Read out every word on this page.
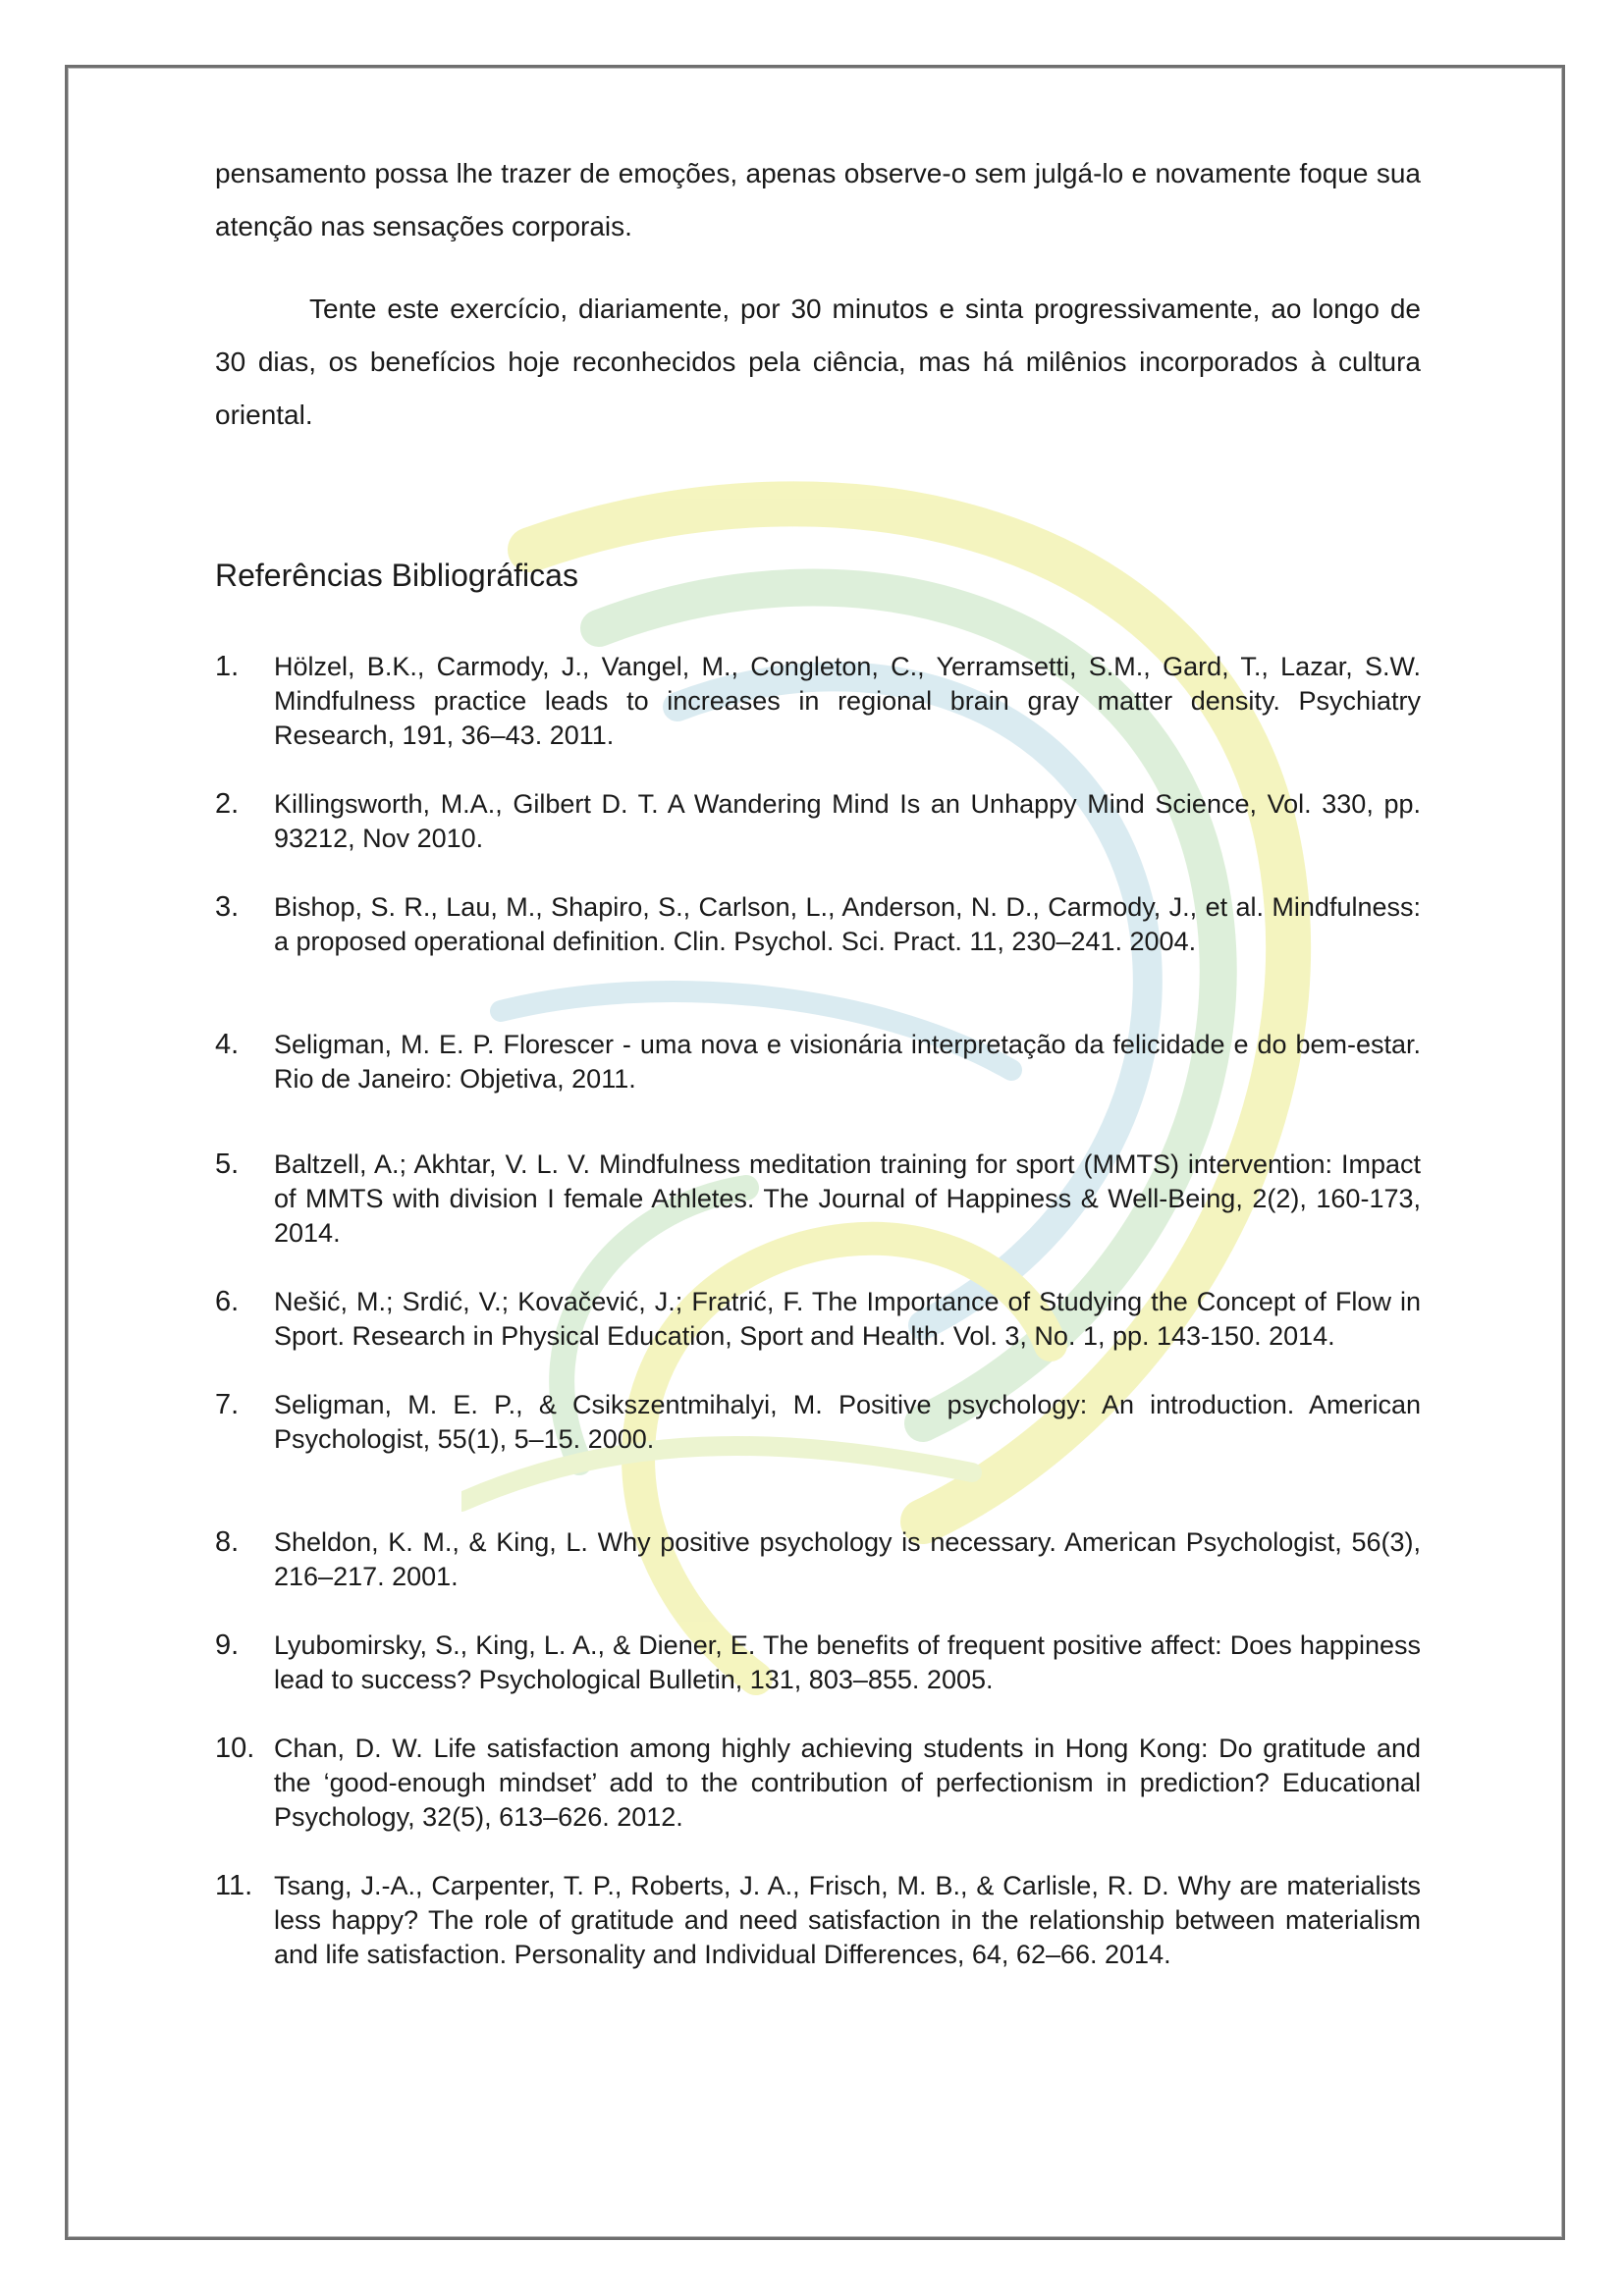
pensamento possa lhe trazer de emoções, apenas observe-o sem julgá-lo e novamente foque sua atenção nas sensações corporais.

Tente este exercício, diariamente, por 30 minutos e sinta progressivamente, ao longo de 30 dias, os benefícios hoje reconhecidos pela ciência, mas há milênios incorporados à cultura oriental.

Referências Bibliográficas
1.	Hölzel, B.K., Carmody, J., Vangel, M., Congleton, C., Yerramsetti, S.M., Gard, T., Lazar, S.W. Mindfulness practice leads to increases in regional brain gray matter density. Psychiatry Research, 191, 36–43. 2011.
2.	Killingsworth, M.A., Gilbert D. T. A Wandering Mind Is an Unhappy Mind Science, Vol. 330, pp. 93212, Nov 2010.
3.	Bishop, S. R., Lau, M., Shapiro, S., Carlson, L., Anderson, N. D., Carmody, J., et al. Mindfulness: a proposed operational definition. Clin. Psychol. Sci. Pract. 11, 230–241. 2004.
4.	Seligman, M. E. P. Florescer - uma nova e visionária interpretação da felicidade e do bem-estar. Rio de Janeiro: Objetiva, 2011.
5.	Baltzell, A.; Akhtar, V. L. V. Mindfulness meditation training for sport (MMTS) intervention: Impact of MMTS with division I female Athletes. The Journal of Happiness & Well-Being, 2(2), 160-173, 2014.
6.	Nešić, M.; Srdić, V.; Kovačević, J.; Fratrić, F. The Importance of Studying the Concept of Flow in Sport. Research in Physical Education, Sport and Health. Vol. 3, No. 1, pp. 143-150. 2014.
7.	Seligman, M. E. P., & Csikszentmihalyi, M. Positive psychology: An introduction. American Psychologist, 55(1), 5–15. 2000.
8.	Sheldon, K. M., & King, L. Why positive psychology is necessary. American Psychologist, 56(3), 216–217. 2001.
9.	Lyubomirsky, S., King, L. A., & Diener, E. The benefits of frequent positive affect: Does happiness lead to success? Psychological Bulletin, 131, 803–855. 2005.
10. Chan, D. W. Life satisfaction among highly achieving students in Hong Kong: Do gratitude and the ‘good-enough mindset’ add to the contribution of perfectionism in prediction? Educational Psychology, 32(5), 613–626. 2012.
11. Tsang, J.-A., Carpenter, T. P., Roberts, J. A., Frisch, M. B., & Carlisle, R. D. Why are materialists less happy? The role of gratitude and need satisfaction in the relationship between materialism and life satisfaction. Personality and Individual Differences, 64, 62–66. 2014.
